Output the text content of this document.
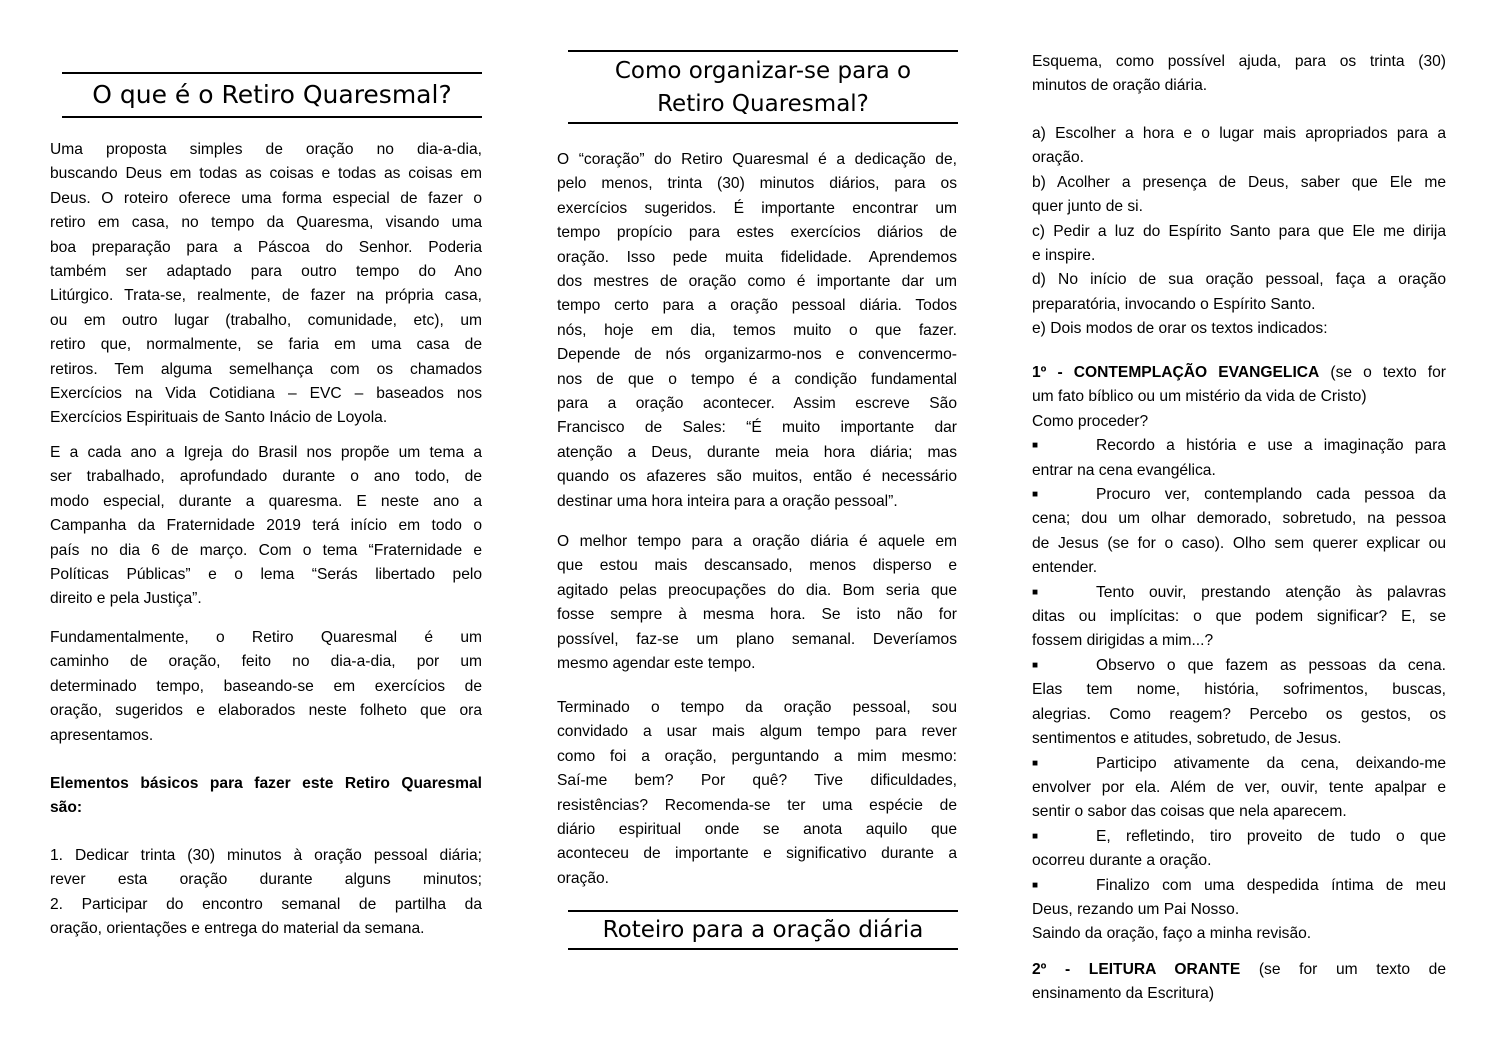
O que é o Retiro Quaresmal?
Uma proposta simples de oração no dia-a-dia,
buscando Deus em todas as coisas e todas as coisas em
Deus. O roteiro oferece uma forma especial de fazer o
retiro em casa, no tempo da Quaresma, visando uma
boa preparação para a Páscoa do Senhor. Poderia
também ser adaptado para outro tempo do Ano
Litúrgico. Trata-se, realmente, de fazer na própria casa,
ou em outro lugar (trabalho, comunidade, etc), um
retiro que, normalmente, se faria em uma casa de
retiros. Tem alguma semelhança com os chamados
Exercícios na Vida Cotidiana – EVC – baseados nos
Exercícios Espirituais de Santo Inácio de Loyola.
E a cada ano a Igreja do Brasil nos propõe um tema a
ser trabalhado, aprofundado durante o ano todo, de
modo especial, durante a quaresma. E neste ano a
Campanha da Fraternidade 2019 terá início em todo o
país no dia 6 de março. Com o tema “Fraternidade e
Políticas Públicas” e o lema “Serás libertado pelo
direito e pela Justiça”.
Fundamentalmente, o Retiro Quaresmal é um
caminho de oração, feito no dia-a-dia, por um
determinado tempo, baseando-se em exercícios de
oração, sugeridos e elaborados neste folheto que ora
apresentamos.
Elementos básicos para fazer este Retiro Quaresmal
são:
1. Dedicar trinta (30) minutos à oração pessoal diária;
rever esta oração durante alguns minutos;
2. Participar do encontro semanal de partilha da
oração, orientações e entrega do material da semana.
Como organizar-se para o
Retiro Quaresmal?
O “coração” do Retiro Quaresmal é a dedicação de,
pelo menos, trinta (30) minutos diários, para os
exercícios sugeridos. É importante encontrar um
tempo propício para estes exercícios diários de
oração. Isso pede muita fidelidade. Aprendemos
dos mestres de oração como é importante dar um
tempo certo para a oração pessoal diária. Todos
nós, hoje em dia, temos muito o que fazer.
Depende de nós organizarmo-nos e convencermo-
nos de que o tempo é a condição fundamental
para a oração acontecer. Assim escreve São
Francisco de Sales: “É muito importante dar
atenção a Deus, durante meia hora diária; mas
quando os afazeres são muitos, então é necessário
destinar uma hora inteira para a oração pessoal”.
O melhor tempo para a oração diária é aquele em
que estou mais descansado, menos disperso e
agitado pelas preocupações do dia. Bom seria que
fosse sempre à mesma hora. Se isto não for
possível, faz-se um plano semanal. Deveríamos
mesmo agendar este tempo.
Terminado o tempo da oração pessoal, sou
convidado a usar mais algum tempo para rever
como foi a oração, perguntando a mim mesmo:
Saí-me bem? Por quê? Tive dificuldades,
resistências? Recomenda-se ter uma espécie de
diário espiritual onde se anota aquilo que
aconteceu de importante e significativo durante a
oração.
Roteiro para a oração diária
Esquema, como possível ajuda, para os trinta (30)
minutos de oração diária.
a) Escolher a hora e o lugar mais apropriados para a
oração.
b) Acolher a presença de Deus, saber que Ele me
quer junto de si.
c) Pedir a luz do Espírito Santo para que Ele me dirija
e inspire.
d) No início de sua oração pessoal, faça a oração
preparatória, invocando o Espírito Santo.
e) Dois modos de orar os textos indicados:
1º - CONTEMPLAÇÃO EVANGELICA (se o texto for
um fato bíblico ou um mistério da vida de Cristo)
Como proceder?
■	Recordo a história e use a imaginação para
entrar na cena evangélica.
■	Procuro ver, contemplando cada pessoa da
cena; dou um olhar demorado, sobretudo, na pessoa
de Jesus (se for o caso). Olho sem querer explicar ou
entender.
■	Tento ouvir, prestando atenção às palavras
ditas ou implícitas: o que podem significar? E, se
fossem dirigidas a mim...?
■	Observo o que fazem as pessoas da cena.
Elas tem nome, história, sofrimentos, buscas,
alegrias. Como reagem? Percebo os gestos, os
sentimentos e atitudes, sobretudo, de Jesus.
■	Participo ativamente da cena, deixando-me
envolver por ela. Além de ver, ouvir, tente apalpar e
sentir o sabor das coisas que nela aparecem.
■	E, refletindo, tiro proveito de tudo o que
ocorreu durante a oração.
■	Finalizo com uma despedida íntima de meu
Deus, rezando um Pai Nosso.
Saindo da oração, faço a minha revisão.
2º - LEITURA ORANTE (se for um texto de
ensinamento da Escritura)
